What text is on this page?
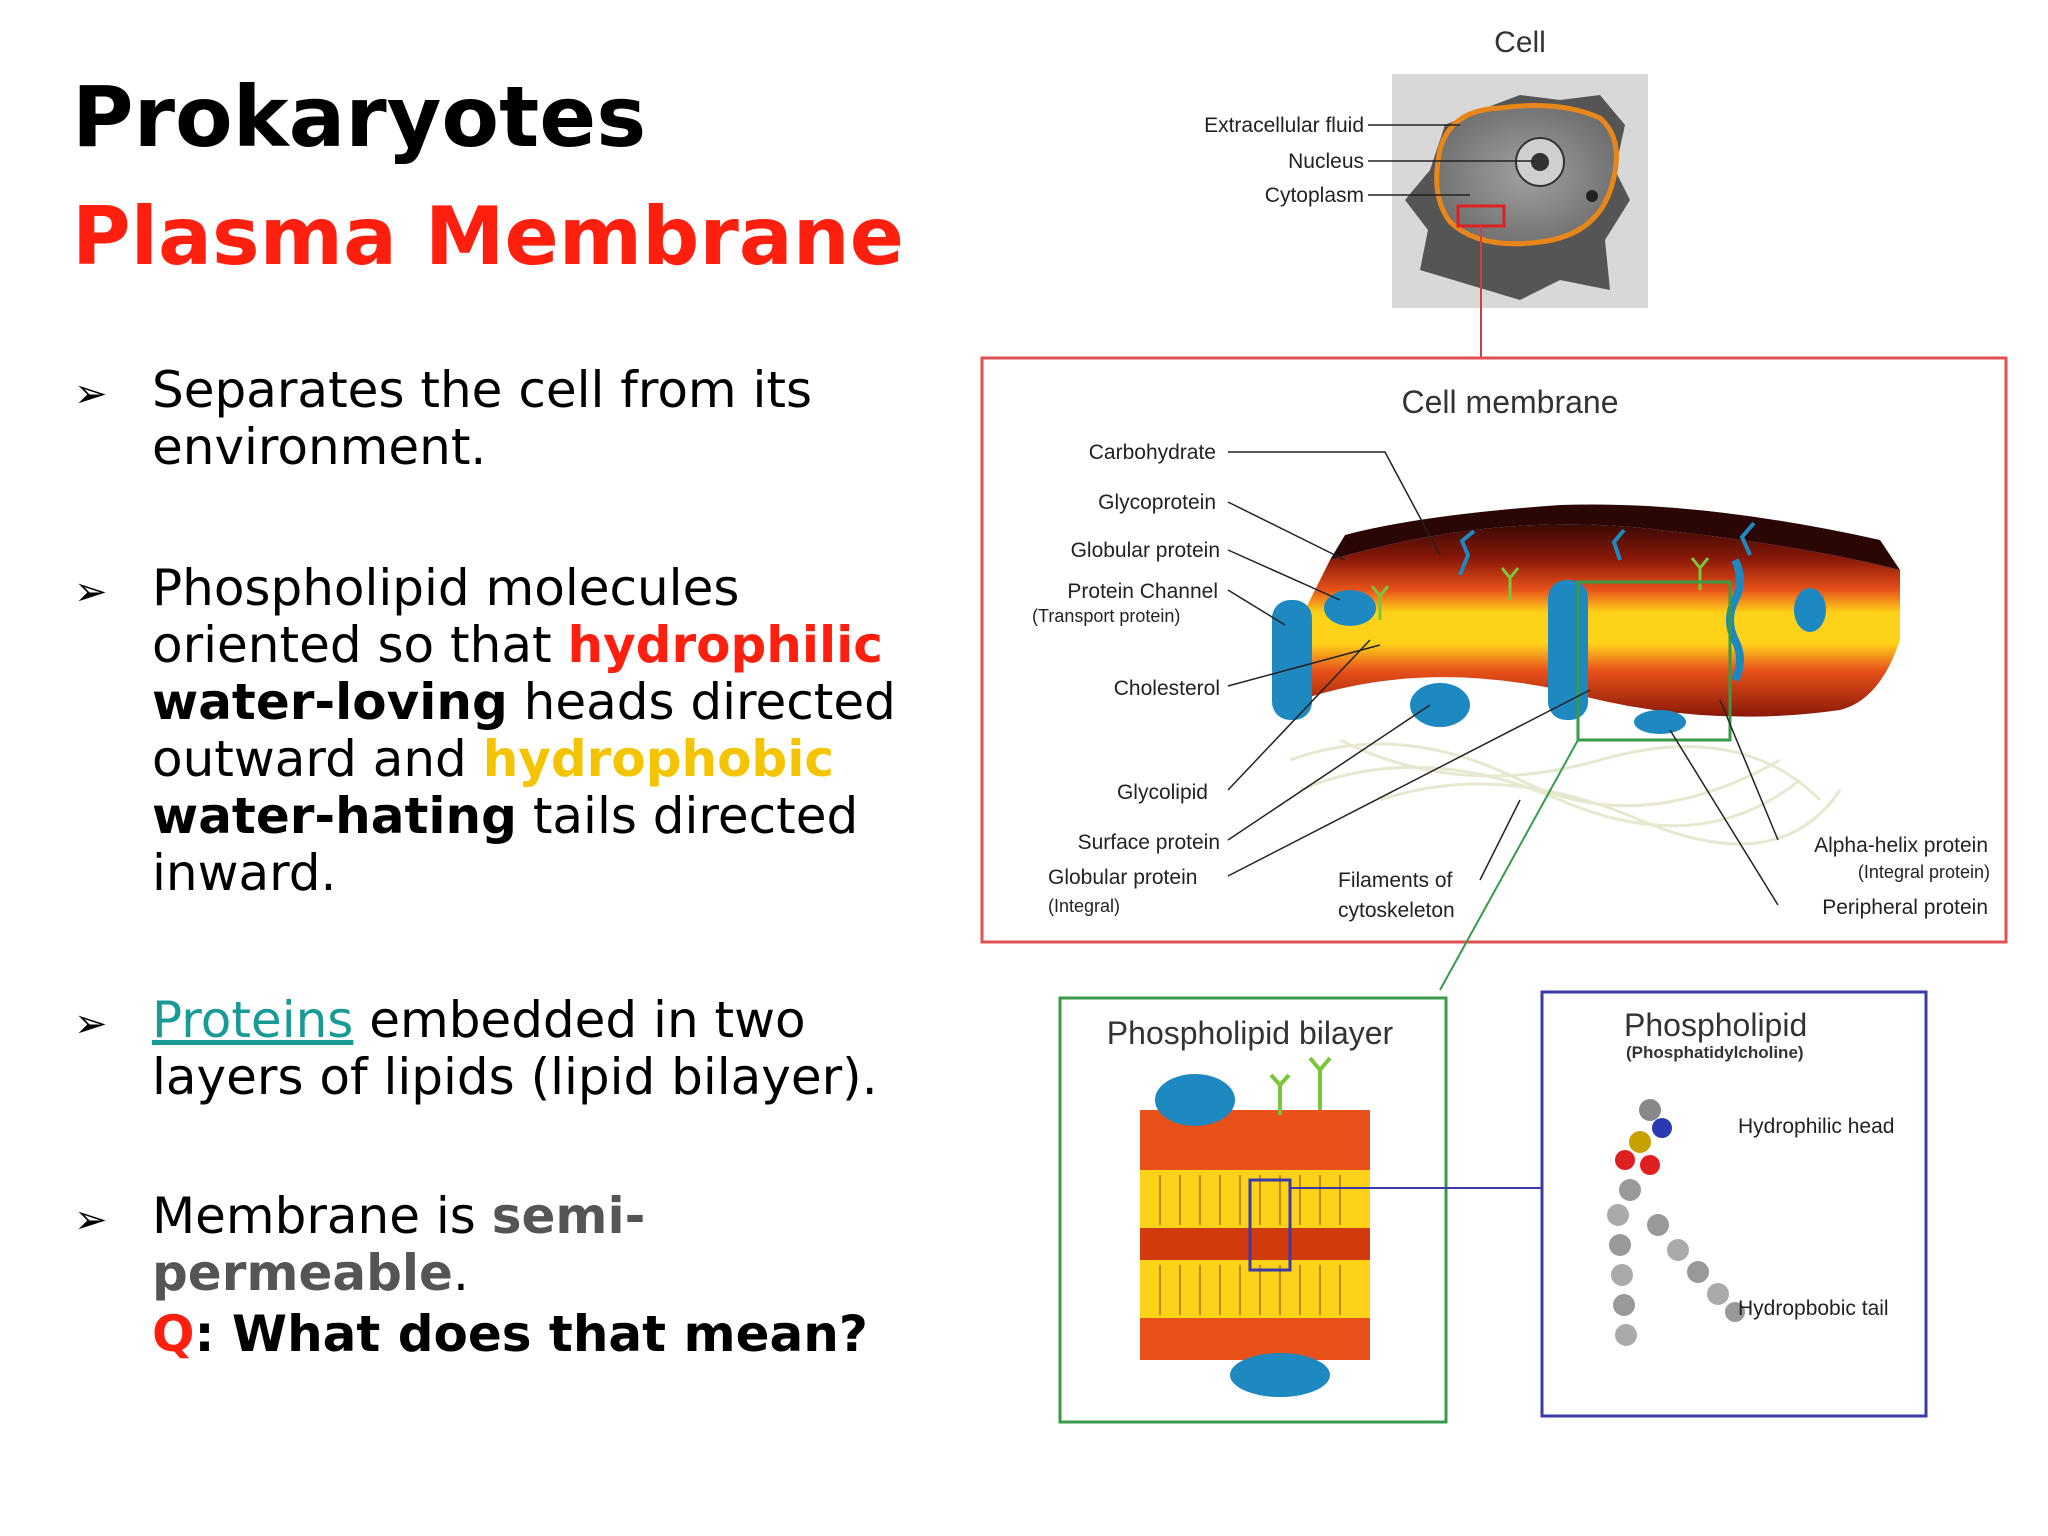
Prokaryotes
Plasma Membrane
➢ Separates the cell from its environment.
➢ Phospholipid molecules oriented so that hydrophilic water-loving heads directed outward and hydrophobic
water-hating tails directed inward.
➢ Proteins embedded in two layers of lipids (lipid bilayer).
➢ Membrane is semi-permeable.
Q: What does that mean?
Cell
Extracellular fluid
Nucleus
Cytoplasm
Cell membrane
Carbohydrate
Glycoprotein
Globular protein
Protein Channel
(Transport protein)
Cholesterol
Glycolipid
Surface protein
Globular protein
(Integral)
Filaments of
cytoskeleton
Alpha-helix protein
(Integral protein)
Peripheral protein
Phospholipid bilayer	Phospholipid
(Phosphatidylcholine)
Hydrophilic head
Hydropbobic tail
